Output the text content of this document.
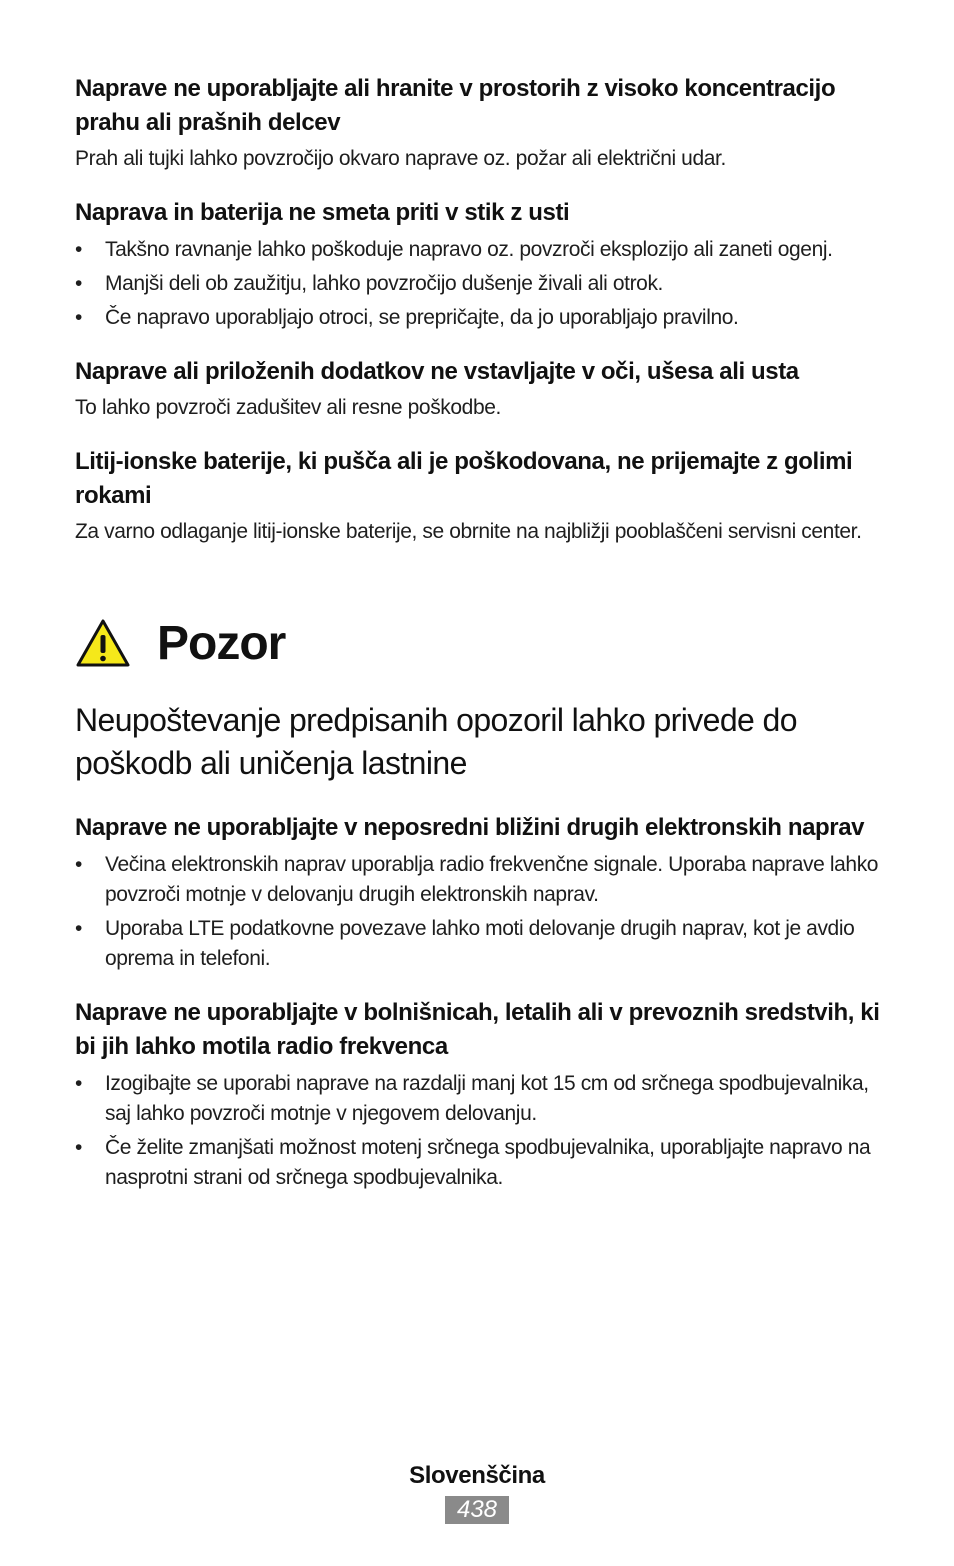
Naprave ne uporabljajte ali hranite v prostorih z visoko koncentracijo prahu ali prašnih delcev

Prah ali tujki lahko povzročijo okvaro naprave oz. požar ali električni udar.

Naprava in baterija ne smeta priti v stik z usti

• Takšno ravnanje lahko poškoduje napravo oz. povzroči eksplozijo ali zaneti ogenj.
• Manjši deli ob zaužitju, lahko povzročijo dušenje živali ali otrok.
• Če napravo uporabljajo otroci, se prepričajte, da jo uporabljajo pravilno.

Naprave ali priloženih dodatkov ne vstavljajte v oči, ušesa ali usta

To lahko povzroči zadušitev ali resne poškodbe.

Litij-ionske baterije, ki pušča ali je poškodovana, ne prijemajte z golimi rokami

Za varno odlaganje litij-ionske baterije, se obrnite na najbližji pooblaščeni servisni center.

Pozor

Neupoštevanje predpisanih opozoril lahko privede do poškodb ali uničenja lastnine

Naprave ne uporabljajte v neposredni bližini drugih elektronskih naprav

• Večina elektronskih naprav uporablja radio frekvenčne signale. Uporaba naprave lahko povzroči motnje v delovanju drugih elektronskih naprav.
• Uporaba LTE podatkovne povezave lahko moti delovanje drugih naprav, kot je avdio oprema in telefoni.

Naprave ne uporabljajte v bolnišnicah, letalih ali v prevoznih sredstvih, ki bi jih lahko motila radio frekvenca

• Izogibajte se uporabi naprave na razdalji manj kot 15 cm od srčnega spodbujevalnika, saj lahko povzroči motnje v njegovem delovanju.
• Če želite zmanjšati možnost motenj srčnega spodbujevalnika, uporabljajte napravo na nasprotni strani od srčnega spodbujevalnika.
Slovenščina
438
